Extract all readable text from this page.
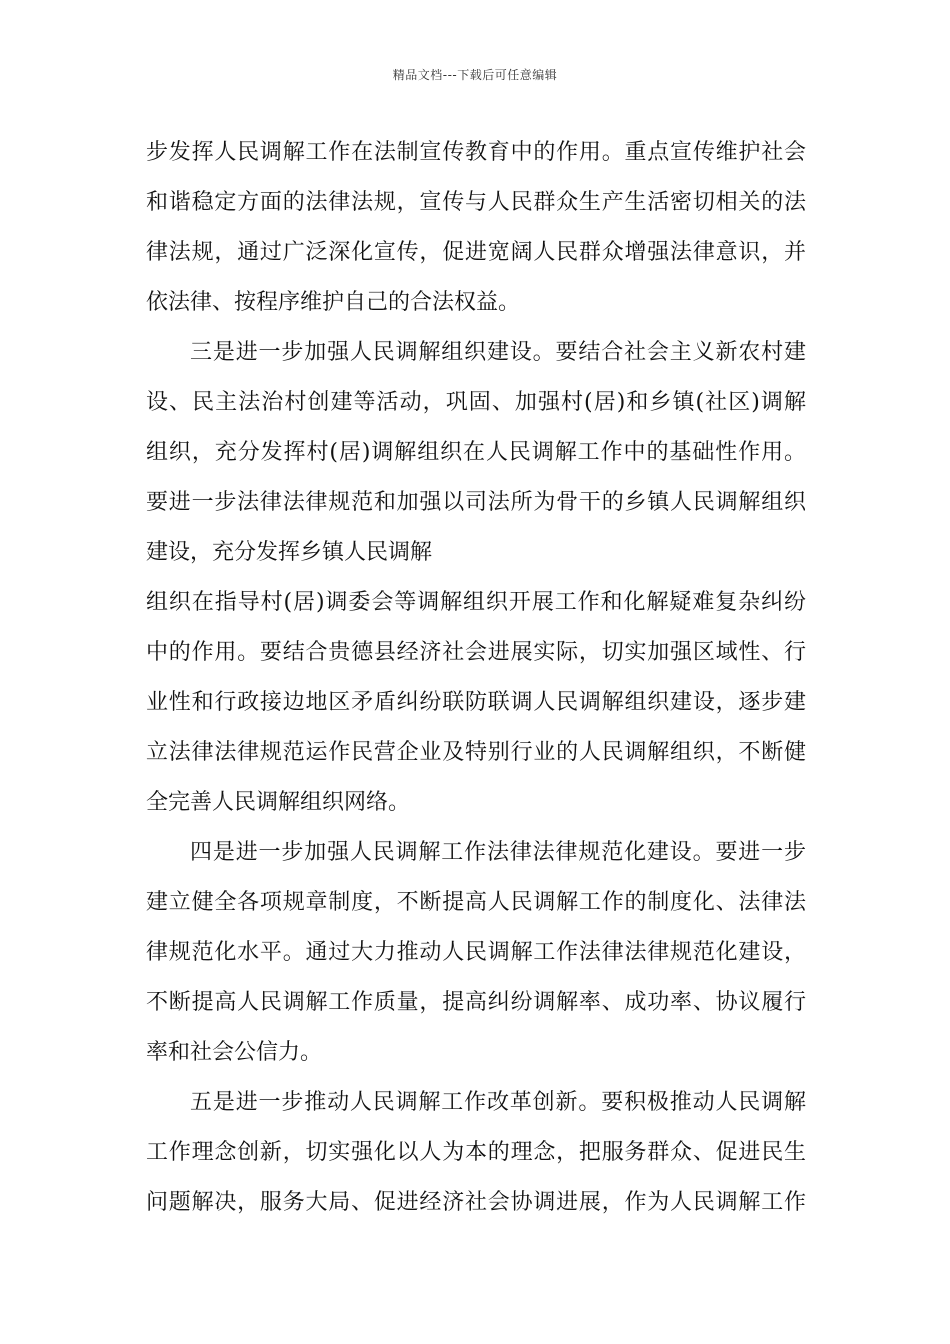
精品文档---下载后可任意编辑
步发挥人民调解工作在法制宣传教育中的作用。重点宣传维护社会
和谐稳定方面的法律法规，宣传与人民群众生产生活密切相关的法
律法规，通过广泛深化宣传，促进宽阔人民群众增强法律意识，并
依法律、按程序维护自己的合法权益。
三是进一步加强人民调解组织建设。要结合社会主义新农村建
设、民主法治村创建等活动，巩固、加强村(居)和乡镇(社区)调解
组织，充分发挥村(居)调解组织在人民调解工作中的基础性作用。
要进一步法律法律规范和加强以司法所为骨干的乡镇人民调解组织
建设，充分发挥乡镇人民调解
组织在指导村(居)调委会等调解组织开展工作和化解疑难复杂纠纷
中的作用。要结合贵德县经济社会进展实际，切实加强区域性、行
业性和行政接边地区矛盾纠纷联防联调人民调解组织建设，逐步建
立法律法律规范运作民营企业及特别行业的人民调解组织，不断健
全完善人民调解组织网络。
四是进一步加强人民调解工作法律法律规范化建设。要进一步
建立健全各项规章制度，不断提高人民调解工作的制度化、法律法
律规范化水平。通过大力推动人民调解工作法律法律规范化建设，
不断提高人民调解工作质量，提高纠纷调解率、成功率、协议履行
率和社会公信力。
五是进一步推动人民调解工作改革创新。要积极推动人民调解
工作理念创新，切实强化以人为本的理念，把服务群众、促进民生
问题解决，服务大局、促进经济社会协调进展，作为人民调解工作
